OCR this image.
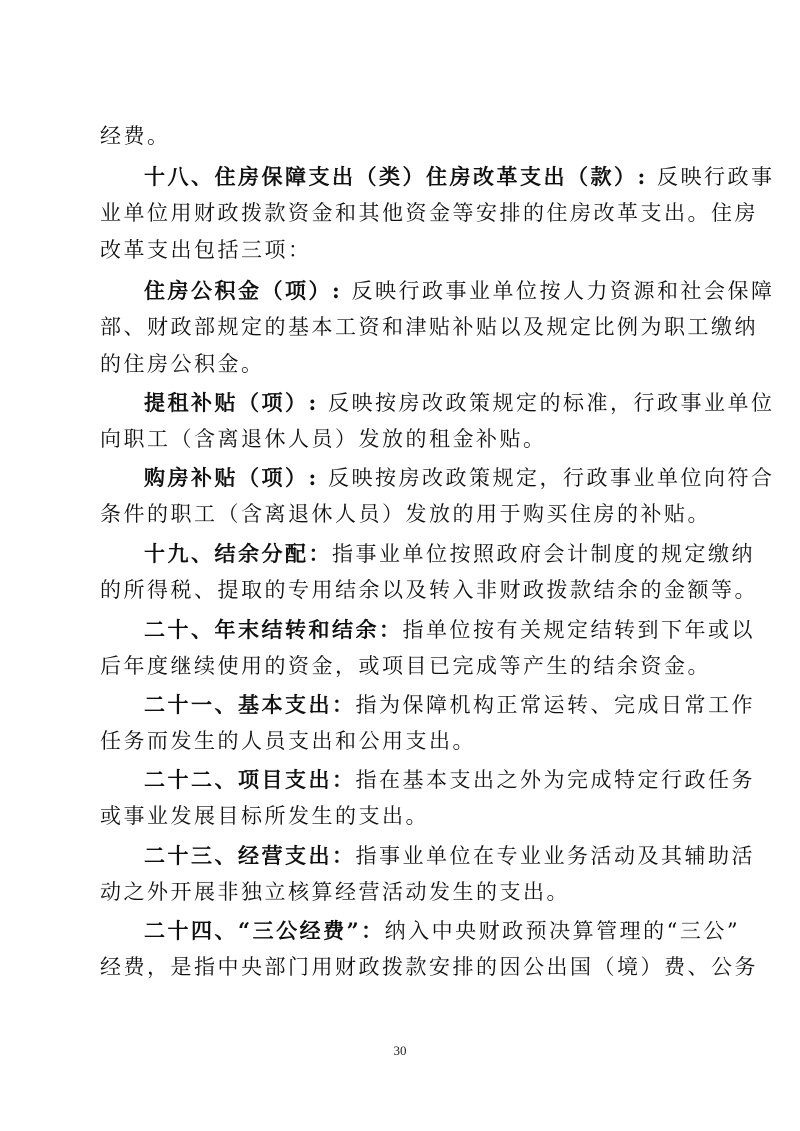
经费。
十八、住房保障支出（类）住房改革支出（款）: 反映行政事
业单位用财政拨款资金和其他资金等安排的住房改革支出。住房
改革支出包括三项：
住房公积金（项）: 反映行政事业单位按人力资源和社会保障
部、财政部规定的基本工资和津贴补贴以及规定比例为职工缴纳
的住房公积金。
提租补贴（项）: 反映按房改政策规定的标准，行政事业单位
向职工（含离退休人员）发放的租金补贴。
购房补贴（项）: 反映按房改政策规定，行政事业单位向符合
条件的职工（含离退休人员）发放的用于购买住房的补贴。
十九、结余分配：指事业单位按照政府会计制度的规定缴纳
的所得税、提取的专用结余以及转入非财政拨款结余的金额等。
二十、年末结转和结余：指单位按有关规定结转到下年或以
后年度继续使用的资金，或项目已完成等产生的结余资金。
二十一、基本支出：指为保障机构正常运转、完成日常工作
任务而发生的人员支出和公用支出。
二十二、项目支出：指在基本支出之外为完成特定行政任务
或事业发展目标所发生的支出。
二十三、经营支出：指事业单位在专业业务活动及其辅助活
动之外开展非独立核算经营活动发生的支出。
二十四、“三公经费”：纳入中央财政预决算管理的“三公”
经费，是指中央部门用财政拨款安排的因公出国（境）费、公务
30
